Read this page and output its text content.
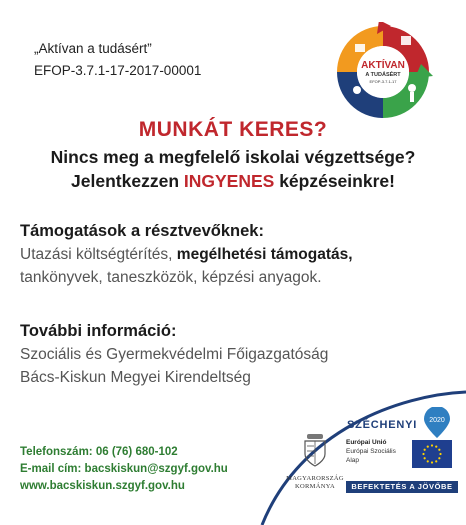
„Aktívan a tudásért”
EFOP-3.7.1-17-2017-00001	AKTÍVAN
A TUDÁSÉRT
EFOP-3.7.1-17
MUNKÁT KERES?
Nincs meg a megfelelő iskolai végzettsége?
Jelentkezzen INGYENES képzéseinkre!
Támogatások a résztvevőknek:
Utazási költségtérítés, megélhetési támogatás,
tankönyvek, taneszközök, képzési anyagok.
További információ:
Szociális és Gyermekvédelmi Főigazgatóság
Bács-Kiskun Megyei Kirendeltség
Telefonszám: 06 (76) 680-102
E-mail cím: bacskiskun@szgyf.gov.hu
www.bacskiskun.szgyf.gov.hu
SZÉCHENYI 2020
MAGYARORSZÁG
KORMÁNYA
Európai Unió
Európai Szociális
Alap
BEFEKTETÉS A JÖVŐBE
